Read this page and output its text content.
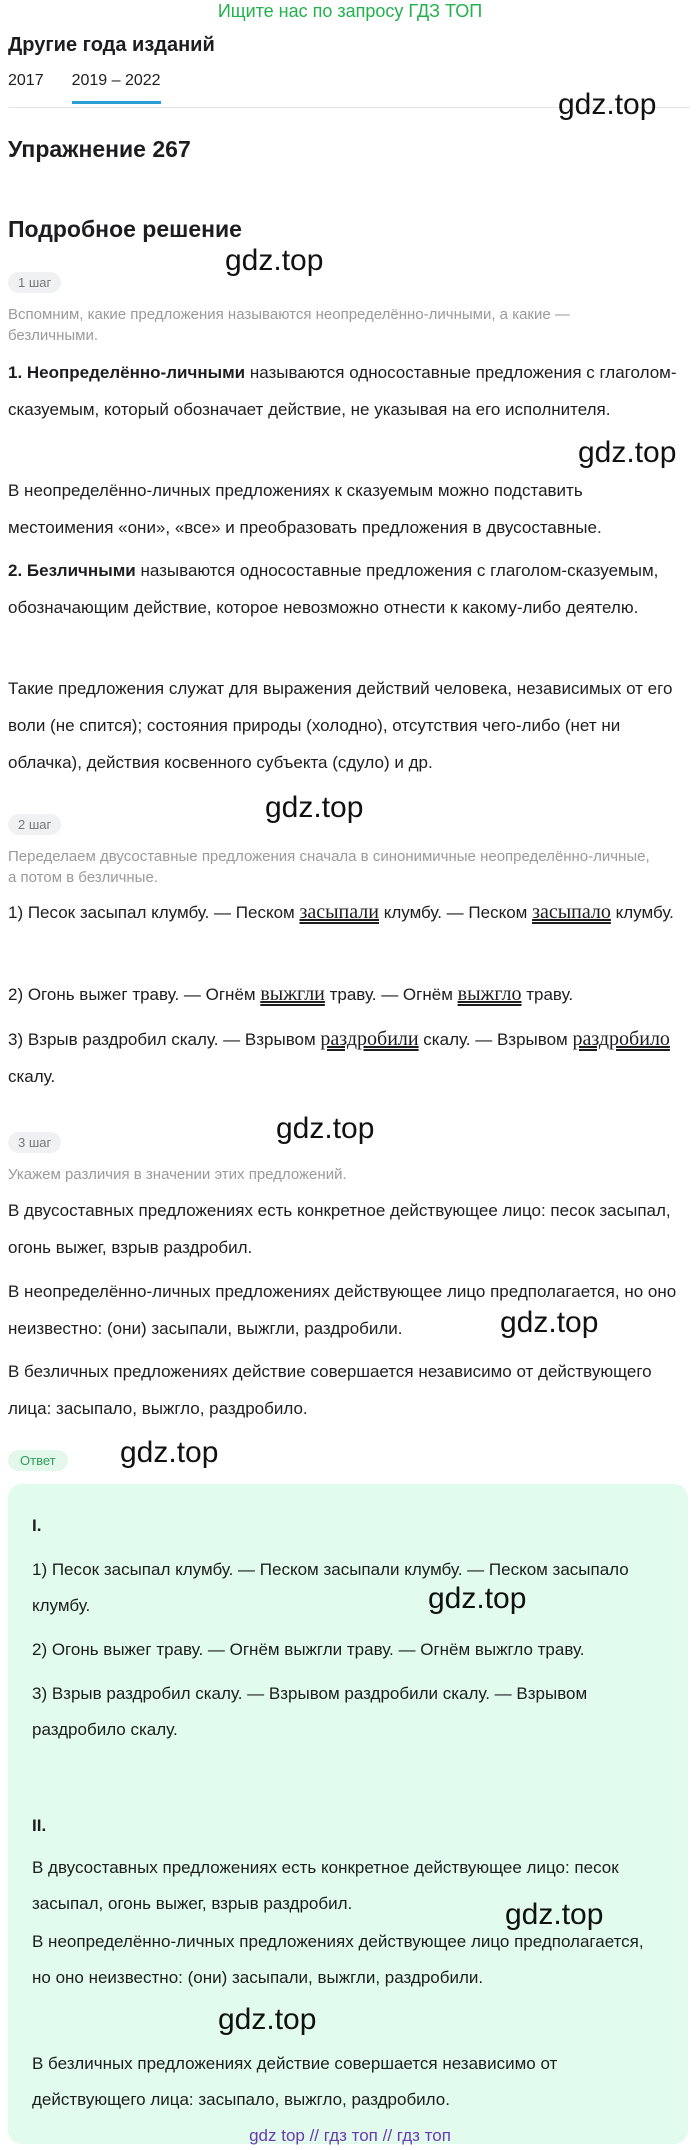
Ищите нас по запросу ГДЗ ТОП
Другие года изданий
2017 2019 – 2022
gdz.top
Упражнение 267
Подробное решение
gdz.top
1 шаг
Вспомним, какие предложения называются неопределённо-личными, а какие — безличными.
1. Неопределённо-личными называются односоставные предложения с глаголом-сказуемым, который обозначает действие, не указывая на его исполнителя.
gdz.top
В неопределённо-личных предложениях к сказуемым можно подставить местоимения «они», «все» и преобразовать предложения в двусоставные.
2. Безличными называются односоставные предложения с глаголом-сказуемым, обозначающим действие, которое невозможно отнести к какому-либо деятелю.
Такие предложения служат для выражения действий человека, независимых от его воли (не спится); состояния природы (холодно), отсутствия чего-либо (нет ни облачка), действия косвенного субъекта (сдуло) и др.
gdz.top
2 шаг
Переделаем двусоставные предложения сначала в синонимичные неопределённо-личные, а потом в безличные.
1) Песок засыпал клумбу. — Песком засыпали клумбу. — Песком засыпало клумбу.
2) Огонь выжег траву. — Огнём выжгли траву. — Огнём выжгло траву.
3) Взрыв раздробил скалу. — Взрывом раздробили скалу. — Взрывом раздробило скалу.
gdz.top
3 шаг
Укажем различия в значении этих предложений.
В двусоставных предложениях есть конкретное действующее лицо: песок засыпал, огонь выжег, взрыв раздробил.
В неопределённо-личных предложениях действующее лицо предполагается, но оно неизвестно: (они) засыпали, выжгли, раздробили.	gdz.top
В безличных предложениях действие совершается независимо от действующего лица: засыпало, выжгло, раздробило.
gdz.top
Ответ
I.
1) Песок засыпал клумбу. — Песком засыпали клумбу. — Песком засыпало клумбу.	gdz.top
2) Огонь выжег траву. — Огнём выжгли траву. — Огнём выжгло траву.
3) Взрыв раздробил скалу. — Взрывом раздробили скалу. — Взрывом раздробило скалу.
II.
В двусоставных предложениях есть конкретное действующее лицо: песок засыпал, огонь выжег, взрыв раздробил.	gdz.top
В неопределённо-личных предложениях действующее лицо предполагается, но оно неизвестно: (они) засыпали, выжгли, раздробили.
gdz.top
В безличных предложениях действие совершается независимо от действующего лица: засыпало, выжгло, раздробило.
gdz top // гдз топ // гдз топ
